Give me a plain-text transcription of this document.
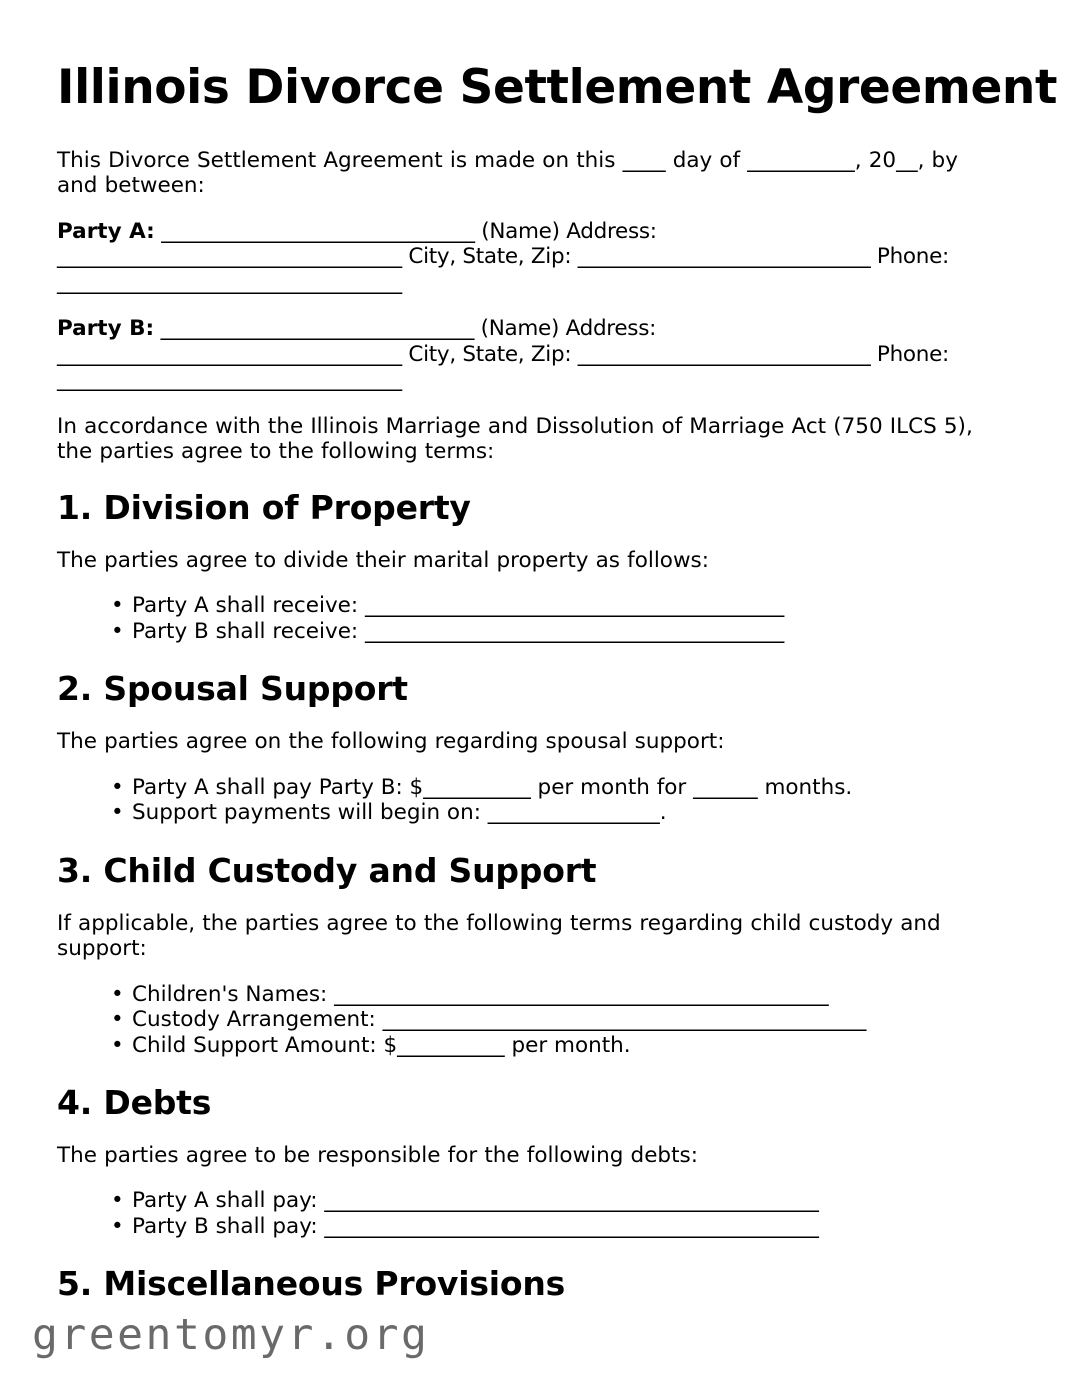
Illinois Divorce Settlement Agreement

This Divorce Settlement Agreement is made on this ____ day of __________, 20__, by and between:

Party A: ______________________________ (Name) Address:
_________________________________ City, State, Zip: ____________________________ Phone:
_________________________________
Party B: ______________________________ (Name) Address:
_________________________________ City, State, Zip: ____________________________ Phone:
_________________________________

In accordance with the Illinois Marriage and Dissolution of Marriage Act (750 ILCS 5), the parties agree to the following terms:

1. Division of Property

The parties agree to divide their marital property as follows:

• Party A shall receive: _______________________________________
• Party B shall receive: _______________________________________
2. Spousal Support

The parties agree on the following regarding spousal support:

• Party A shall pay Party B: $__________ per month for ______ months.
• Support payments will begin on: ________________.
3. Child Custody and Support

If applicable, the parties agree to the following terms regarding child custody and support:

• Children's Names: ______________________________________________
• Custody Arrangement: _____________________________________________
• Child Support Amount: $__________ per month.
4. Debts

The parties agree to be responsible for the following debts:

• Party A shall pay: ______________________________________________
• Party B shall pay: ______________________________________________
5. Miscellaneous Provisions
greentomyr.org
